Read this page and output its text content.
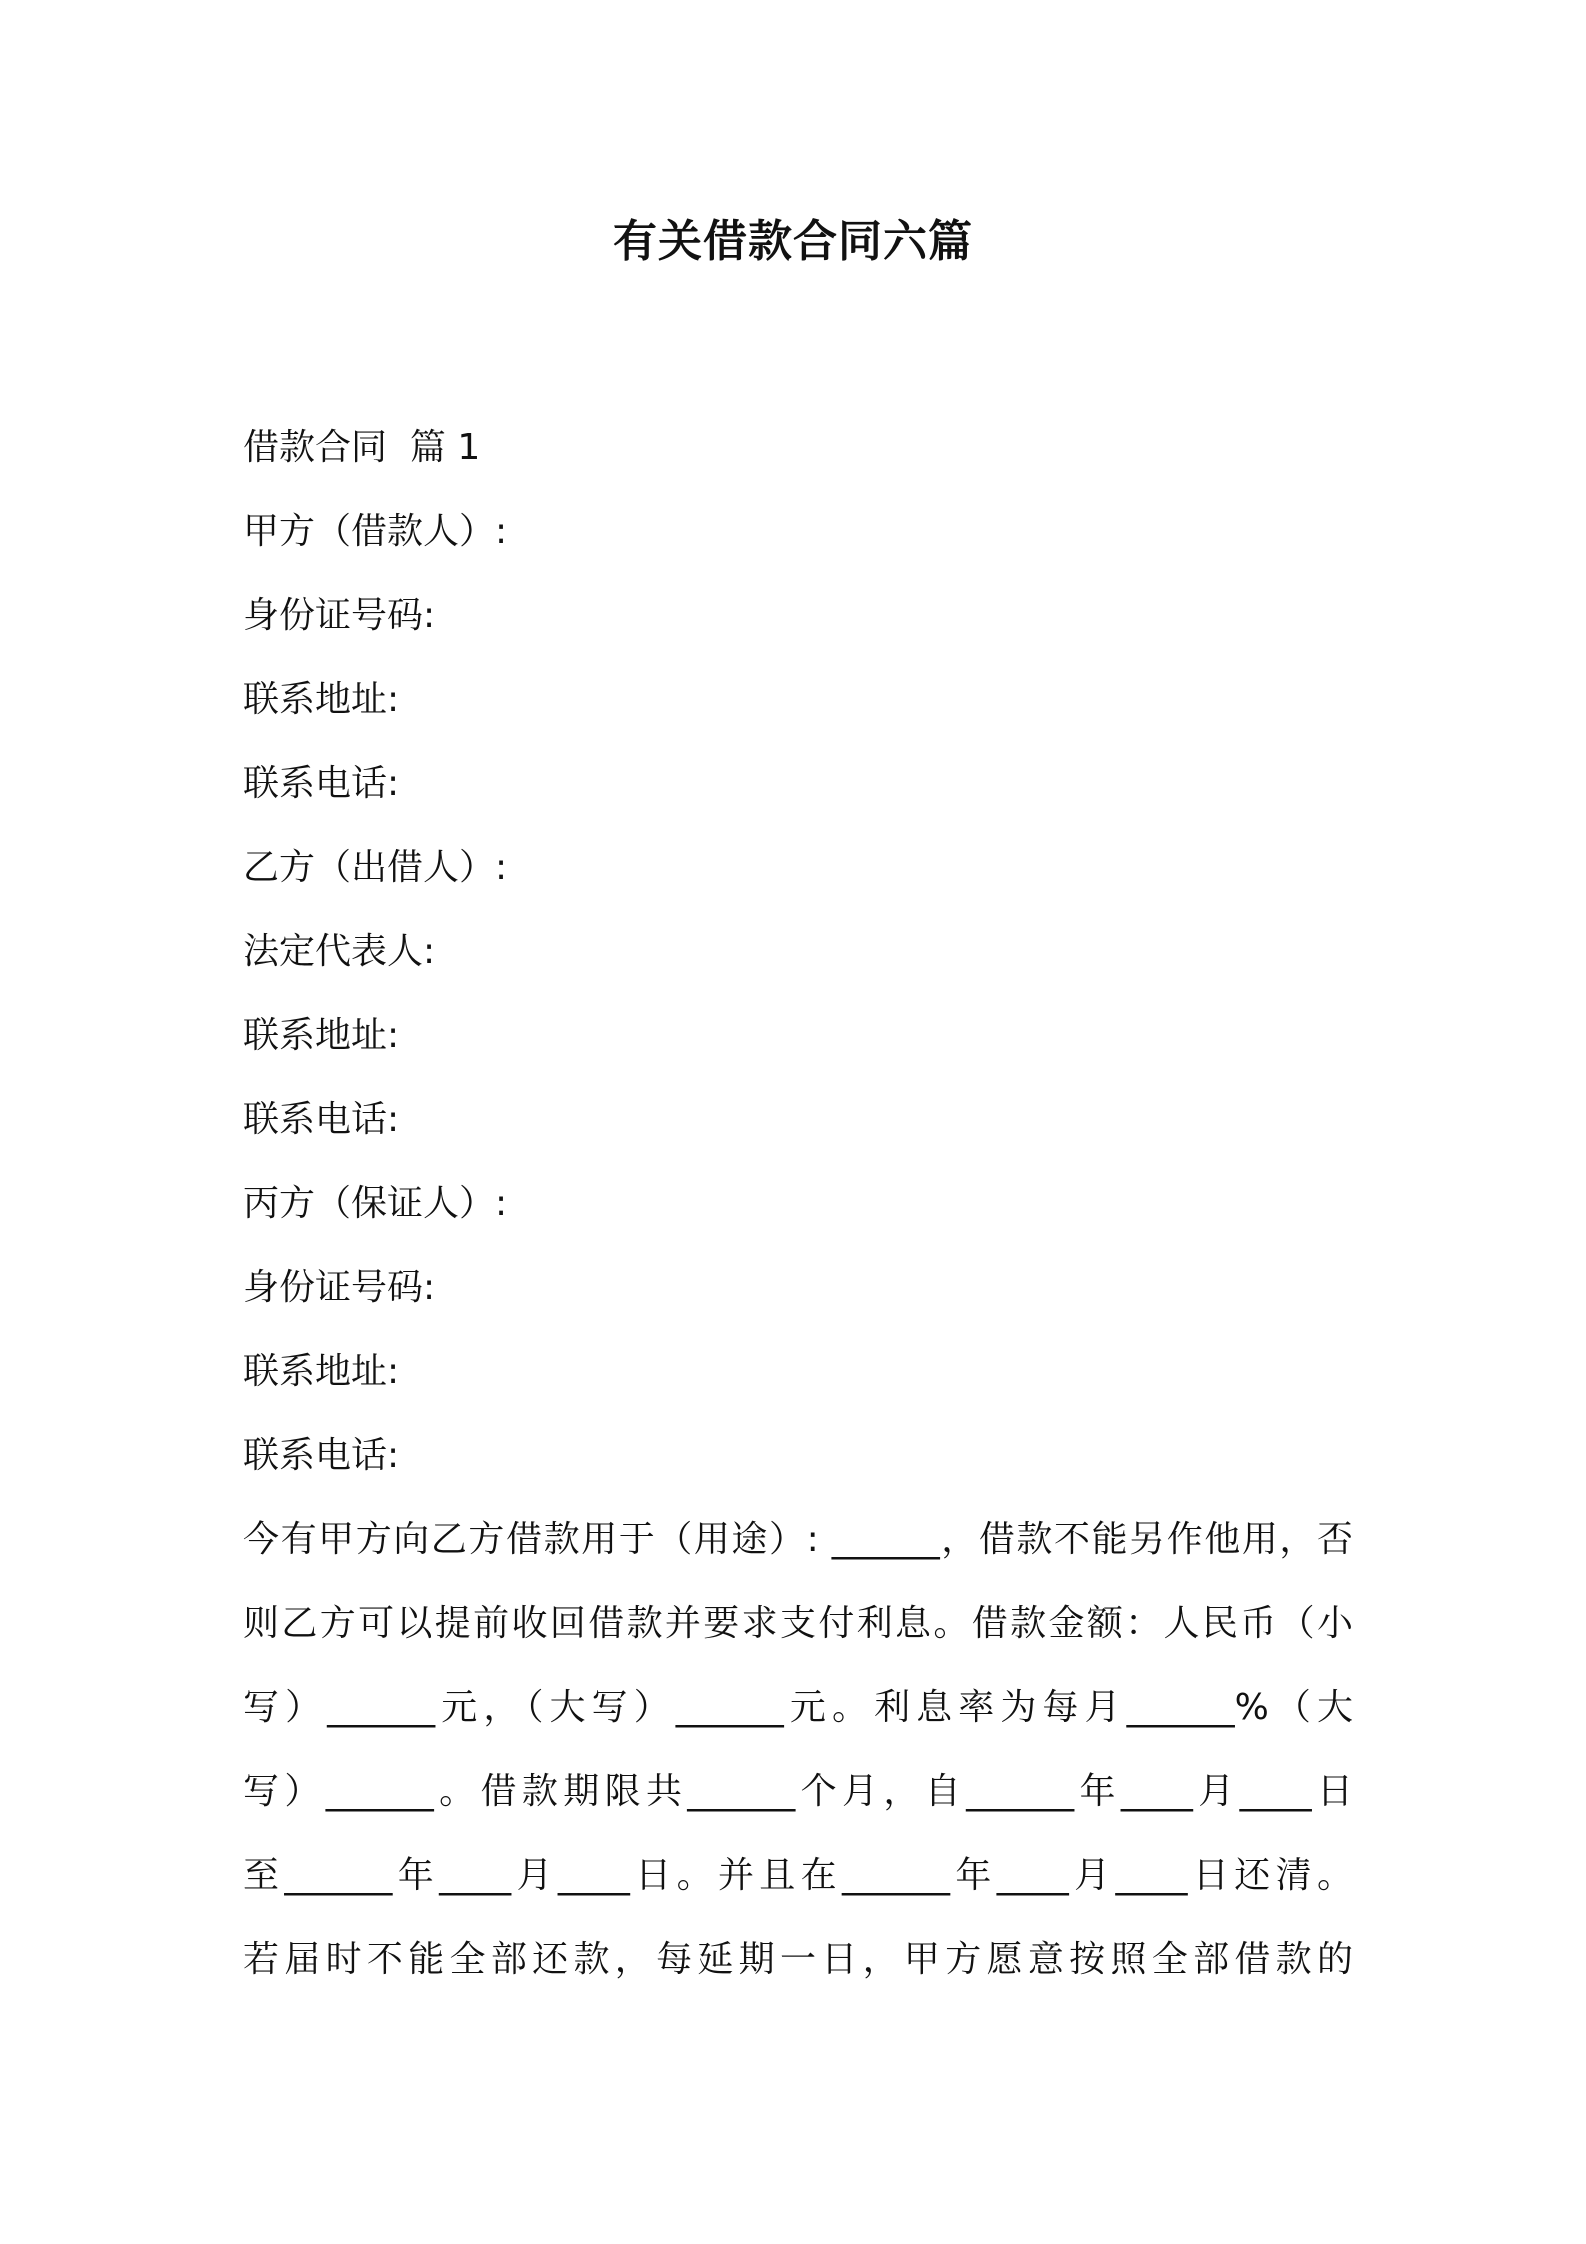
有关借款合同六篇
借款合同  篇 1
甲方（借款人）:
身份证号码:
联系地址:
联系电话:
乙方（出借人）:
法定代表人:
联系地址:
联系电话:
丙方（保证人）:
身份证号码:
联系地址:
联系电话:
今有甲方向乙方借款用于（用途）: ______，借款不能另作他用，否
则乙方可以提前收回借款并要求支付利息。借款金额：人民币（小
写）______元，（大写）______元。利息率为每月______%（大
写）______。借款期限共______个月，自______年____月____日
至______年____月____日。并且在______年____月____日还清。
若届时不能全部还款，每延期一日，甲方愿意按照全部借款的
